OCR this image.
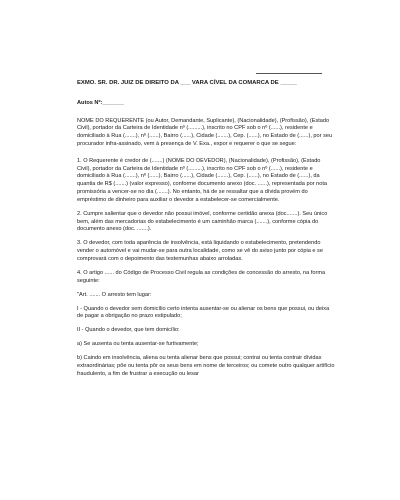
EXMO. SR. DR. JUIZ DE DIREITO DA ___ VARA CÍVEL DA COMARCA DE _____
Autos Nº:_______

NOME DO REQUERENTE (ou Autor, Demandante, Suplicante), (Nacionalidade), (Profissão), (Estado Civil), portador da Carteira de Identidade nº (.........), inscrito no CPF sob o nº (......), residente e domiciliado à Rua (.......), nº (......), Bairro (......), Cidade (.......), Cep. (......), no Estado de (......), por seu procurador infra-assinado, vem à presença de V. Exa., expor e requerer o que se segue:

1. O Requerente é credor de (.......) (NOME DO DEVEDOR), (Nacionalidade), (Profissão), (Estado Civil), portador da Carteira de Identidade nº (.........), inscrito no CPF sob o nº (......), residente e domiciliado à Rua (.......), nº (......), Bairro (......), Cidade (.......), Cep. (......), no Estado de (......), da quantia de R$ (.......) (valor expresso), conforme documento anexo (doc. ......), representada por nota promissória a vencer-se no dia (.......). No entanto, há de se ressaltar que a dívida provém do empréstimo de dinheiro para auxiliar o devedor a estabelecer-se comercialmente.

2. Cumpre salientar que o devedor não possui imóvel, conforme certidão anexa (doc.......). Seu único bem, além das mercadorias do estabelecimento é um caminhão marca (.......), conforme cópia do documento anexo (doc. .......).

3. O devedor, com toda aparência de insolvência, está liquidando o estabelecimento, pretendendo vender o automóvel e vai mudar-se para outra localidade, como se vê do aviso junto por cópia e se comprovará com o depoimento das testemunhas abaixo arroladas.

4. O artigo ...... do Código de Processo Civil regula as condições de concessão do arresto, na forma seguinte:

"Art. ....... O arresto tem lugar:

I - Quando o devedor sem domicílio certo intenta ausentar-se ou alienar os bens que possui, ou deixa de pagar a obrigação no prazo estipulado;

II - Quando o devedor, que tem domicílio:

a) Se ausenta ou tenta ausentar-se furtivamente;

b) Caindo em insolvência, aliena ou tenta alienar bens que possui; contrai ou tenta contrair dívidas extraordinárias; põe ou tenta pôr os seus bens em nome de terceiros; ou comete outro qualquer artifício fraudulento, a fim de frustrar a execução ou lesar
